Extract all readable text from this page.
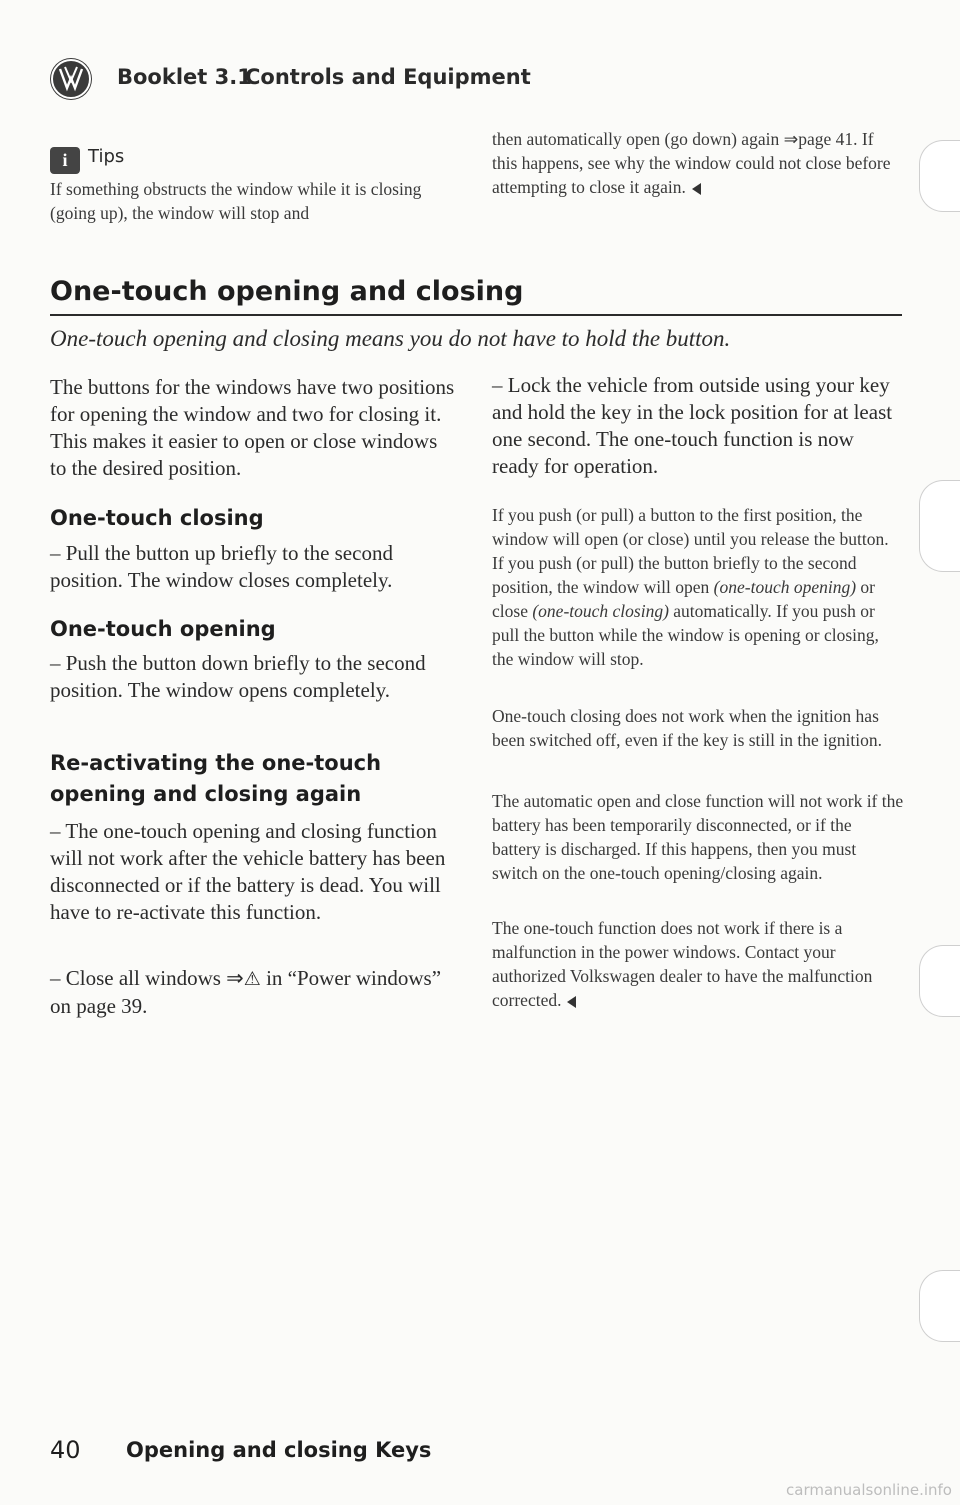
Booklet 3.1
Controls and Equipment
i	Tips
If something obstructs the window while it is closing (going up), the window will stop and
then automatically open (go down) again ⇒page 41. If this happens, see why the window could not close before attempting to close it again.
One-touch opening and closing
One-touch opening and closing means you do not have to hold the button.
The buttons for the windows have two positions for opening the window and two for closing it. This makes it easier to open or close windows to the desired position.
One-touch closing
– Pull the button up briefly to the second position. The window closes completely.
One-touch opening
– Push the button down briefly to the second position. The window opens completely.
Re-activating the one-touch opening and closing again
– The one-touch opening and closing function will not work after the vehicle battery has been disconnected or if the battery is dead. You will have to re-activate this function.
– Close all windows ⇒⚠ in “Power windows” on page 39.
– Lock the vehicle from outside using your key and hold the key in the lock position for at least one second. The one-touch function is now ready for operation.
If you push (or pull) a button to the first position, the window will open (or close) until you release the button. If you push (or pull) the button briefly to the second position, the window will open (one-touch opening) or close (one-touch closing) automatically. If you push or pull the button while the window is opening or closing, the window will stop.
One-touch closing does not work when the ignition has been switched off, even if the key is still in the ignition.
The automatic open and close function will not work if the battery has been temporarily disconnected, or if the battery is discharged. If this happens, then you must switch on the one-touch opening/closing again.
The one-touch function does not work if there is a malfunction in the power windows. Contact your authorized Volkswagen dealer to have the malfunction corrected.
40 Opening and closing Keys
carmanualsonline.info
